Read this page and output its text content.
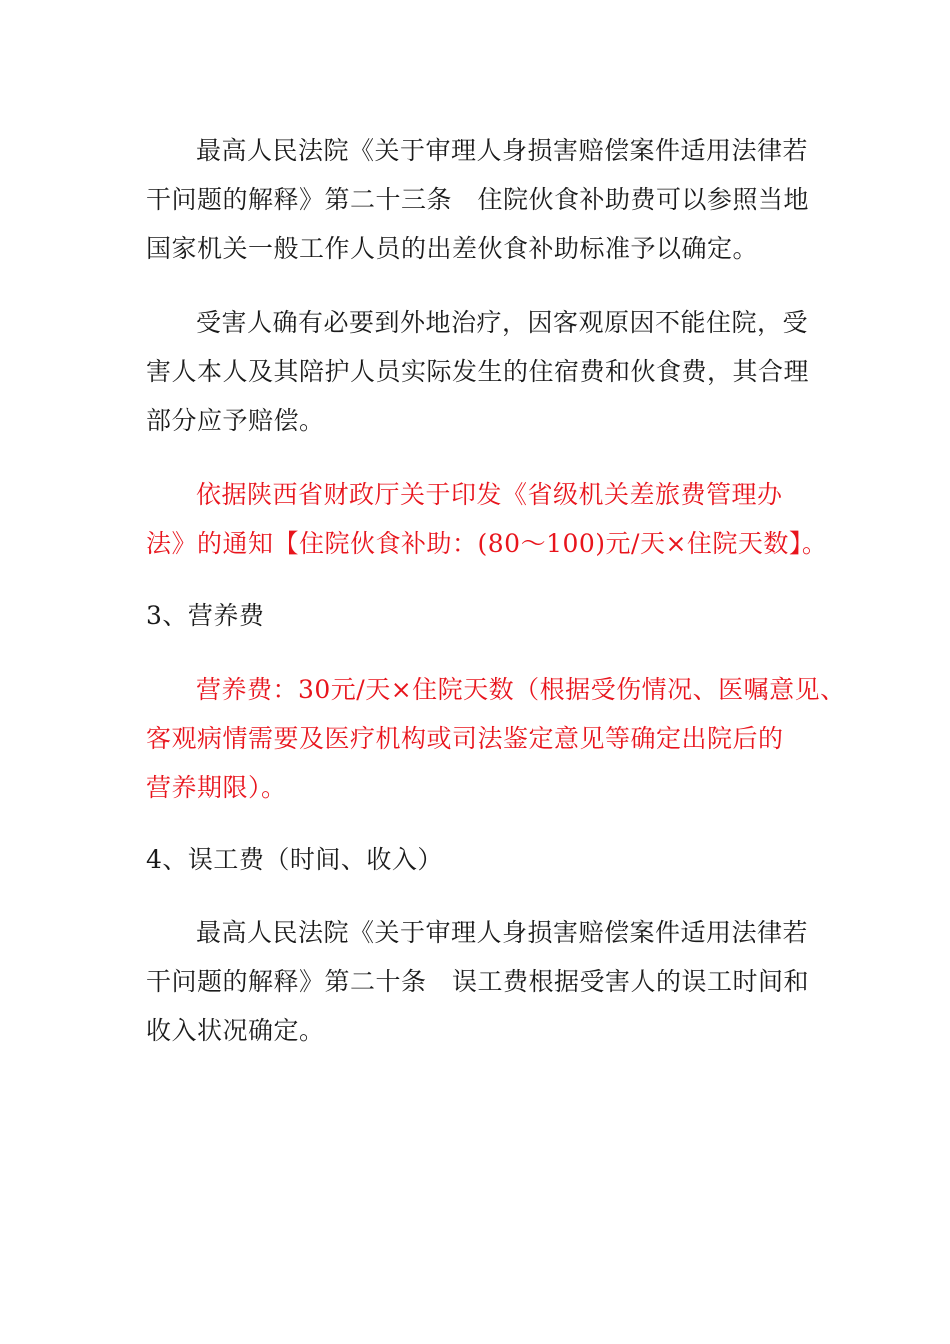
最高人民法院《关于审理人身损害赔偿案件适用法律若
干问题的解释》第二十三条　住院伙食补助费可以参照当地
国家机关一般工作人员的出差伙食补助标准予以确定。
受害人确有必要到外地治疗，因客观原因不能住院，受
害人本人及其陪护人员实际发生的住宿费和伙食费，其合理
部分应予赔偿。
依据陕西省财政厅关于印发《省级机关差旅费管理办
法》的通知【住院伙食补助：(80～100)元/天×住院天数】。
3、营养费
营养费：30元/天×住院天数（根据受伤情况、医嘱意见、
客观病情需要及医疗机构或司法鉴定意见等确定出院后的
营养期限）。
4、误工费（时间、收入）
最高人民法院《关于审理人身损害赔偿案件适用法律若
干问题的解释》第二十条　误工费根据受害人的误工时间和
收入状况确定。
